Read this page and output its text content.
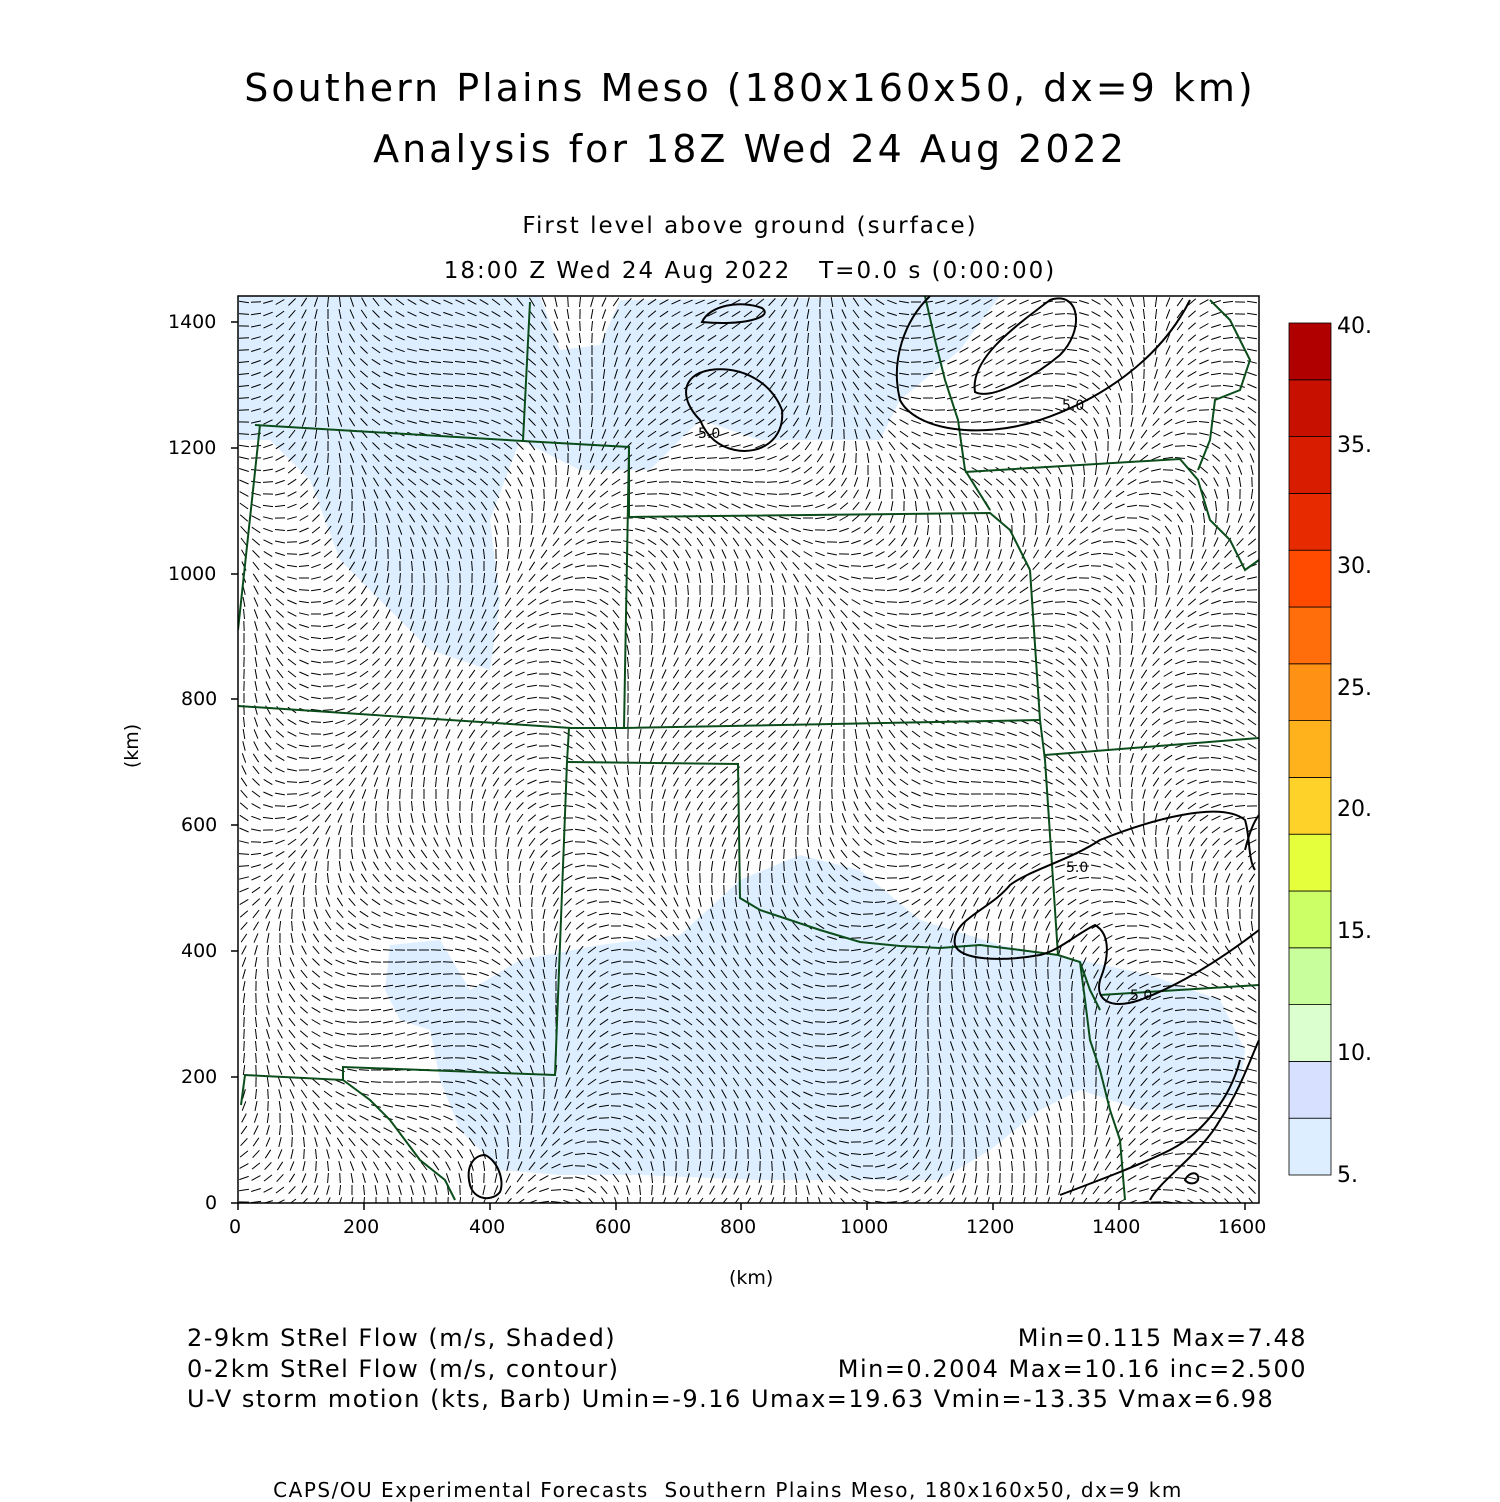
Southern Plains Meso (180x160x50, dx=9 km)
Analysis for 18Z Wed 24 Aug 2022
First level above ground (surface)
18:00 Z Wed 24 Aug 2022   T=0.0 s (0:00:00)
5.0
5.0
5.0
5.0
0	200	400	600	800	1000	1200	1400	1600
0
200
400
600
800
1000
1200
1400
(km)
(km)
5.
10.
15.
20.
25.
30.
35.
40.
2-9km StRel Flow (m/s, Shaded)	Min=0.115 Max=7.48
0-2km StRel Flow (m/s, contour)	Min=0.2004 Max=10.16 inc=2.500
U-V storm motion (kts, Barb) Umin=-9.16 Umax=19.63 Vmin=-13.35 Vmax=6.98
CAPS/OU Experimental Forecasts  Southern Plains Meso, 180x160x50, dx=9 km
